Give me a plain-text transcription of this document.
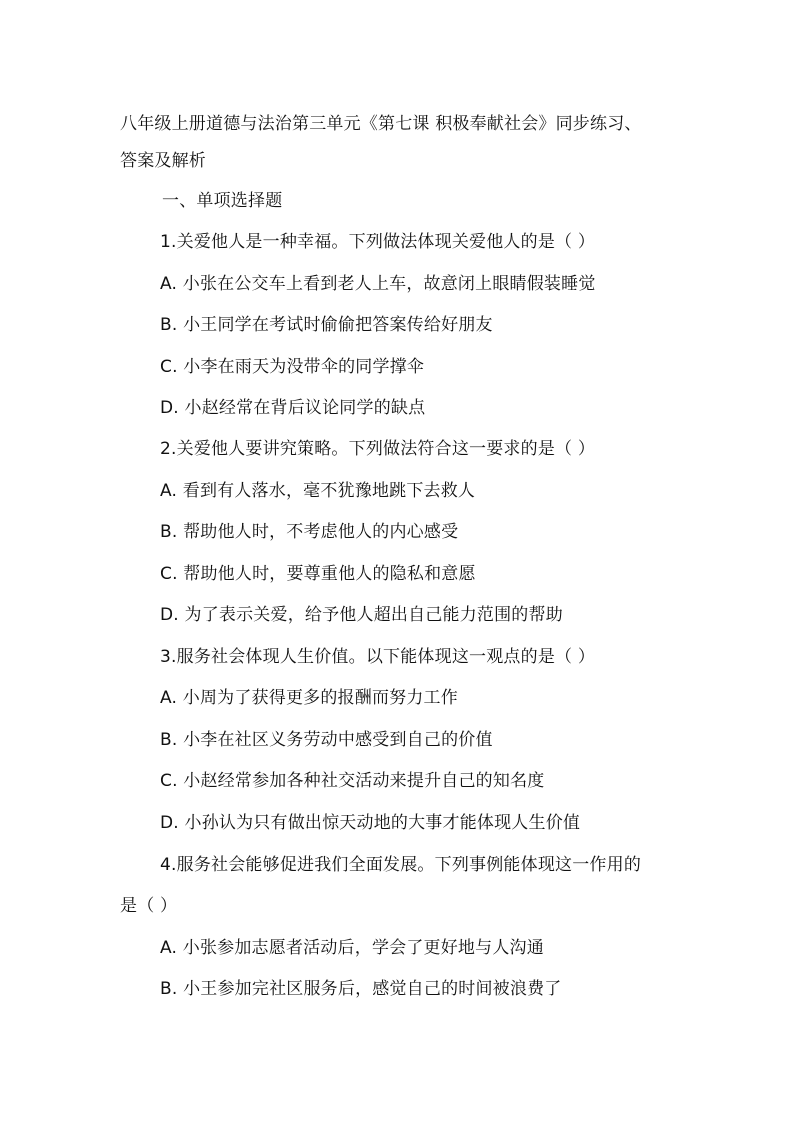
八年级上册道德与法治第三单元《第七课 积极奉献社会》同步练习、
答案及解析
一、单项选择题
1.关爱他人是一种幸福。下列做法体现关爱他人的是（ ）
A. 小张在公交车上看到老人上车，故意闭上眼睛假装睡觉
B. 小王同学在考试时偷偷把答案传给好朋友
C. 小李在雨天为没带伞的同学撑伞
D. 小赵经常在背后议论同学的缺点
2.关爱他人要讲究策略。下列做法符合这一要求的是（ ）
A. 看到有人落水，毫不犹豫地跳下去救人
B. 帮助他人时，不考虑他人的内心感受
C. 帮助他人时，要尊重他人的隐私和意愿
D. 为了表示关爱，给予他人超出自己能力范围的帮助
3.服务社会体现人生价值。以下能体现这一观点的是（ ）
A. 小周为了获得更多的报酬而努力工作
B. 小李在社区义务劳动中感受到自己的价值
C. 小赵经常参加各种社交活动来提升自己的知名度
D. 小孙认为只有做出惊天动地的大事才能体现人生价值
4.服务社会能够促进我们全面发展。下列事例能体现这一作用的
是（ ）
A. 小张参加志愿者活动后，学会了更好地与人沟通
B. 小王参加完社区服务后，感觉自己的时间被浪费了
